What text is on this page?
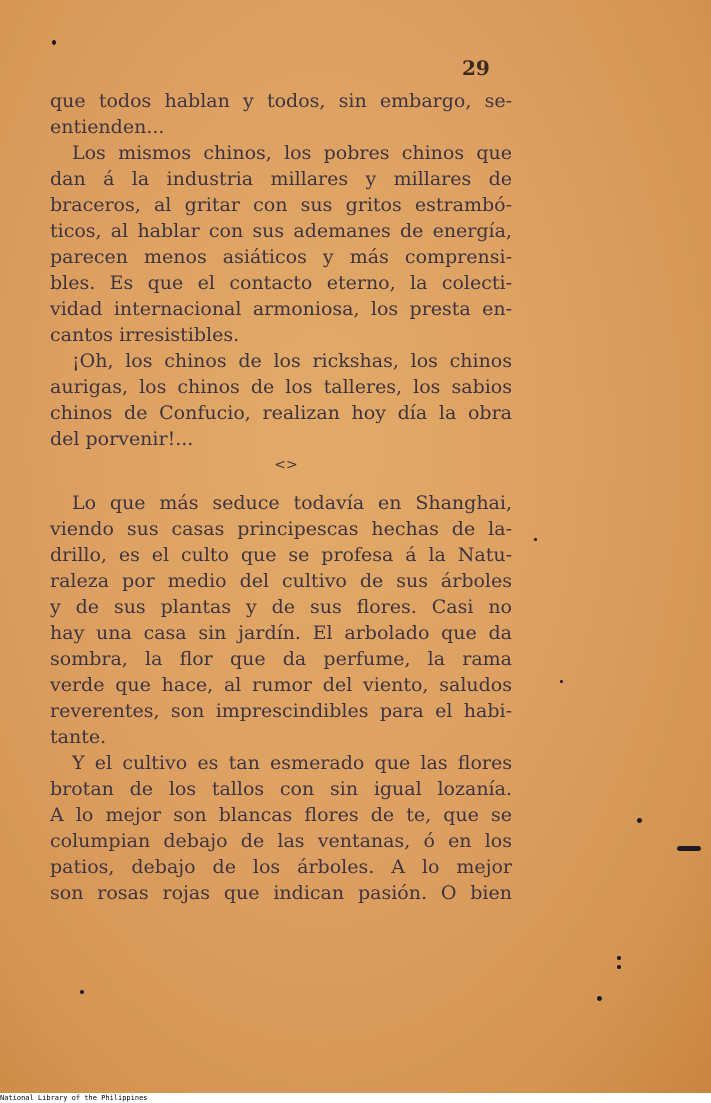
29
que todos hablan y todos, sin embargo, se-
entienden...
Los mismos chinos, los pobres chinos que
dan á la industria millares y millares de
braceros, al gritar con sus gritos estrambó-
ticos, al hablar con sus ademanes de energía,
parecen menos asiáticos y más comprensi-
bles. Es que el contacto eterno, la colecti-
vidad internacional armoniosa, los presta en-
cantos irresistibles.
¡Oh, los chinos de los rickshas, los chinos
aurigas, los chinos de los talleres, los sabios
chinos de Confucio, realizan hoy día la obra
del porvenir!...
<>
Lo que más seduce todavía en Shanghai,
viendo sus casas principescas hechas de la-
drillo, es el culto que se profesa á la Natu-
raleza por medio del cultivo de sus árboles
y de sus plantas y de sus flores. Casi no
hay una casa sin jardín. El arbolado que da
sombra, la flor que da perfume, la rama
verde que hace, al rumor del viento, saludos
reverentes, son imprescindibles para el habi-
tante.
Y el cultivo es tan esmerado que las flores
brotan de los tallos con sin igual lozanía.
A lo mejor son blancas flores de te, que se
columpian debajo de las ventanas, ó en los
patios, debajo de los árboles. A lo mejor
son rosas rojas que indican pasión. O bien
National Library of the Philippines
